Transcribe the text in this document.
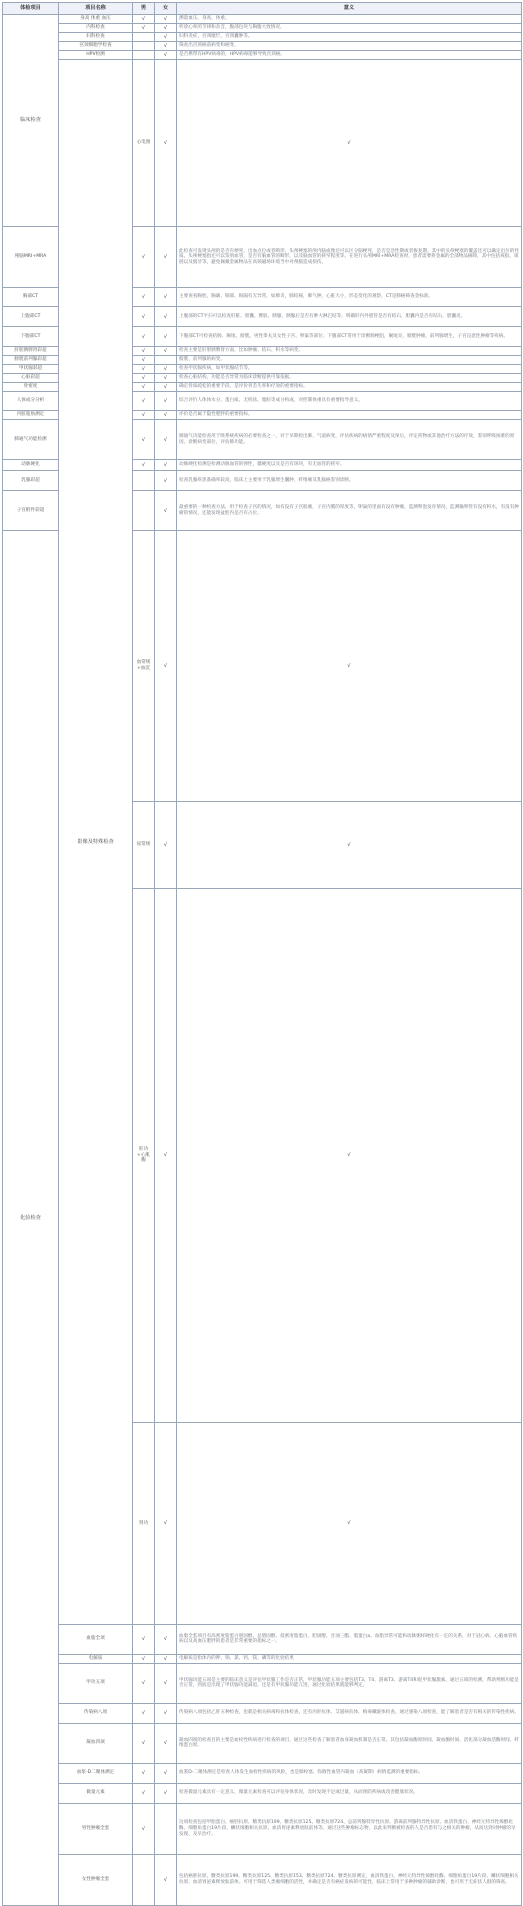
体检项目	项目名称	男	女	意义	
临床检查	身高 体重 血压	√	√	测量血压、身高、体重。	
	内科检查	√	√	听诊心率的节律和杂音，腹部包块与胸腹大致情况。	
	妇科检查		√	妇科炎症，宫颈糜烂，宫颈囊肿等。	
	宫颈细胞学检查		√	筛查出宫颈癌前病变和癌变。	
	HPV检测		√	是否携带有HPV病毒的，HPV病毒能够导致宫颈癌。	
	影像及特殊检查	心电图	√	√	
颅脑MRI+MRA		√	√	此检查可发现头颅的是否有梗死、出血点位或者畸形，头颅梗塞的颅内脑或像还可以区分脑梗死，是否是急性期或者恢复期，其中的头颅梗塞的覆盖还可以确定出位的性质。头颅梗塞指还可以鉴别血管，是否有脑血管的畸形，以及脑血管的狭窄程度等。在进行头颅MRI+MRA检查时，患者需要将金属的全部物品摘除，其中包括戒指、项链以及假牙等，避免佩戴金属物品在高频磁场环境当中对颅脑造成损伤。	
胸部CT		√	√	主要查看胸腔、胸廓、肺部、纵隔有无异常，如肺炎，肺结核，肺气肿，心脏大小，形态变化的观察，CT是肺癌筛查金标准。	
上腹部CT		√	√	上腹部的CT平扫可以检查肝脏、胆囊、脾脏、胰腺，胰腺后是否有肿大淋巴结等，明确肝内外胆管是否有结石，胆囊内是否有结石，胆囊炎。	
下腹部CT		√	√	下腹部CT可检查结肠、阑尾、膀胱、男性睾丸及女性子宫、卵巢等部位；下腹部CT常用于诊断肠梗阻，阑尾炎，膀胱肿瘤，前列腺增生，子宫良恶性肿瘤等疾病。	
肝胆胰脾肾彩超		√	√	检查主要是肝胆胰脾肾方面，比如肿瘤、结石、积水等病变。	
膀胱前列腺彩超		√		膀胱、前列腺的病变。	
甲状腺彩超		√	√	检查甲状腺疾病，如甲状腺结节等。	
心脏彩超		√	√	检查心脏结构，功能是否异常为临床诊断提供可靠依据。	
骨密度		√	√	确定骨质疏松的重要手段，是评价骨丢失率和疗效的重要指标。	
人体成分分析		√	√	综合评价人体体水分、蛋白质、无机盐、脂肪等成分构成，对控制体重具有重要指导意义。	
内脏脂肪测定		√	√	评价是否属于隐性肥胖的重要指标。	
肺通气功能检测		√	√	肺通气功能检查用于吸系统疾病的必要检查之一，对于早期检出肺、气道病变，评估疾病的病情严重程度及预后，评定药物或其他治疗方法的疗效，鉴别呼吸困难的原因，诊断病变部位，评估肺功能。	
动脉硬化		√	√	动脉硬化检测是检测动脉血管的弹性，僵硬度以及是否有斑块，有无血管的狭窄。	
乳腺彩超			√	检查乳腺疾患准确率较高，临床上主要用于乳腺增生囊肿，纤维瘤及乳腺癌鉴别诊断。	
子宫附件彩超			√	最重要的一种检查方法，用于检查子宫的情况，如有没有子宫肌瘤，子宫内膜的厚度等，卵巢的里面有没有肿瘤，监测卵泡发育情况，监测输卵管有没有积水，有没有肿瘤的情况，还能发现盆腔内是否有占位。	
化验检查		血常规+血沉	√	√	
		尿常规	√	√	
		肝功+心肌酶	√	√	
		肾功	√	√	
	血脂全项	√	√	血脂全套项目有高密度脂蛋白胆固醇、总胆固醇、低密度脂蛋白、胆固醇、甘油三酯、脂蛋白a。血脂异常可能和动脉粥样硬化有一定的关系，对于冠心病、心脑血管疾病以及高血压肥胖的患者是非常重要的指标之一。	
	电解质	√	√	电解质是指体内的钾、钠、氯、钙、镁、磷等的化验结果	
	甲功五项	√	√	甲状腺功能五项是主要的临床意义是评估甲状腺工作是否正常，甲状腺功能五项主要包括T3、T4、游离T3、游离T4和促甲状腺激素，通过五项的检测，帮助判断功能是否正常，到底是出现了甲状腺功能减退，还是有甲状腺功能亢进，通过化验结果就能够判定。	
	传染病八项	√	√	传染病八项包括乙肝五种检查，也就是相关病毒和抗体检查，还有丙肝抗体、艾滋病抗体、梅毒螺旋体检查。通过感染八项检查，能了解患者是否有相关的传染性疾病。	
	凝血四项	√	√	凝血四项的检查目的主要是血栓性疾病进行检查的项目，通过这些检查了解患者血身凝血机制是否正常。其包括凝血酶原时间、凝血酶时间、活化部分凝血活酶时间、纤维蛋白原。	
	血浆-D二聚体测定	√	√	血浆D-二聚体测定是检查人体发生血栓性疾病的风险，也是肺栓塞、弥散性血管内凝血（高凝期）病情监测的重要指标。	
	微量元素	√	√	检查微量元素具有一定意义，微量元素检查可以评估身体状况，及时发现不足或过量，从而预防疾病或改善健康状况。	
	男性肿瘤全套	√		这项检查包括甲胎蛋白、癌胚抗原、糖类抗原199、糖类抗原125、糖类抗原724、总前列腺特异性抗原、游离前列腺特异性抗原、血清铁蛋白、神经元特异性烯醇化酶、细胞角蛋白19片段、鳞状细胞相关抗原、血清胃泌素释放肽前体等。通过这些肿瘤标志物，以此来判断被检查的人是否患有与之相关的肿瘤，从而达到对肿瘤的早发现、及早治疗。	
	女性肿瘤全套		√	包括癌胚抗原、糖类抗原199、糖类抗原125、糖类抗原153、糖类抗原724、糖类抗原测定、血清铁蛋白、神经元特异性烯醇化酶、细胞角蛋白19片段、鳞状细胞相关抗原、血清胃泌素释放肽前体。可用于筛选人类瘤细胞的活性，并确定是否有癌症发病的可能性，临床上常用于多种肿瘤的辅助诊断，也可用于无症状人群的筛查。	
